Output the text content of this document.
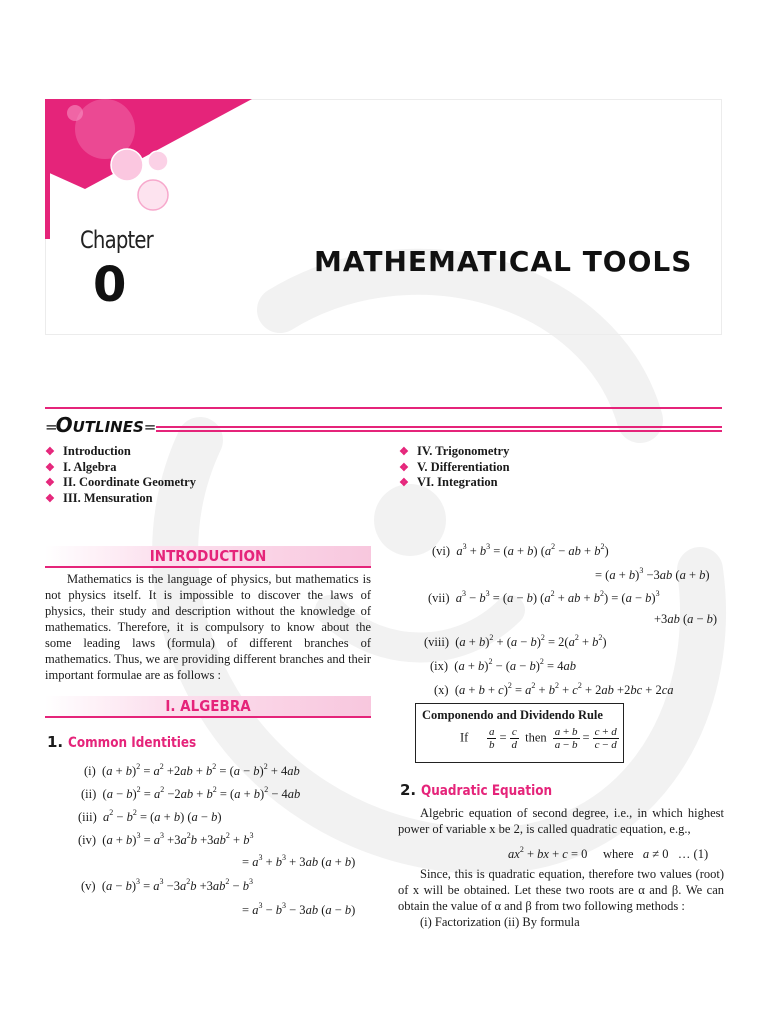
Chapter
0	MATHEMATICAL TOOLS
=OUTLINES=
❖ Introduction
❖ I. Algebra
❖ II. Coordinate Geometry
❖ III. Mensuration
❖ IV. Trigonometry
❖ V. Differentiation
❖ VI. Integration
INTRODUCTION

Mathematics is the language of physics, but mathematics is not physics itself. It is impossible to discover the laws of physics, their study and description without the knowledge of mathematics. Therefore, it is compulsory to know about the some leading laws (formula) of different branches of mathematics. Thus, we are providing different branches and their important formulae are as follows :

I. ALGEBRA
1. Common Identities
(i)  $(a + b)^2 = a^2 +2ab + b^2 = (a - b)^2 + 4ab$
(ii)  $(a - b)^2 = a^2 -2ab + b^2 = (a + b)^2 - 4ab$
(iii)  $a^2 - b^2 = (a + b) (a - b)$
(iv)  $(a + b)^3 = a^3 +3a^2b +3ab^2 + b^3$
= $a^3 + b^3 + 3ab$ (a + b)
(v)  $(a - b)^3 = a^3 -3a^2b +3ab^2 - b^3$
= $a^3 - b^3 - 3ab$ (a − b)
(vi)  $a^3 + b^3 = (a + b) (a^2$ − ab + $b^2$)
= $(a + b)^3 -3ab$ (a + b)
(vii)  $a^3 - b^3 = (a - b) (a^2$ + ab + $b^2) = (a - b)^3$
+3ab (a − b)
(viii)  $(a + b)^2 + (a - b)^2 = 2(a^2 + b^2)$
(ix)  $(a + b)^2 - (a - b)^2 = 4ab$
(x)  $(a + b + c)^2 = a^2 + b^2 + c^2 + 2ab +2bc + 2ca$
Componendo and Dividendo Rule
If $\frac{a}{b} = \frac{c}{d}$ then $\frac{a + b}{a - b} = \frac{c + d}{c - d}$
2. Quadratic Equation

Algebric equation of second degree, i.e., in which highest power of variable x be 2, is called quadratic equation, e.g.,

$ax^2$ + bx + c = 0     where a ≠ 0   … (1)

Since, this is quadratic equation, therefore two values (root) of x will be obtained. Let these two roots are α and β. We can obtain the value of α and β from two following methods :

(i) Factorization (ii) By formula
